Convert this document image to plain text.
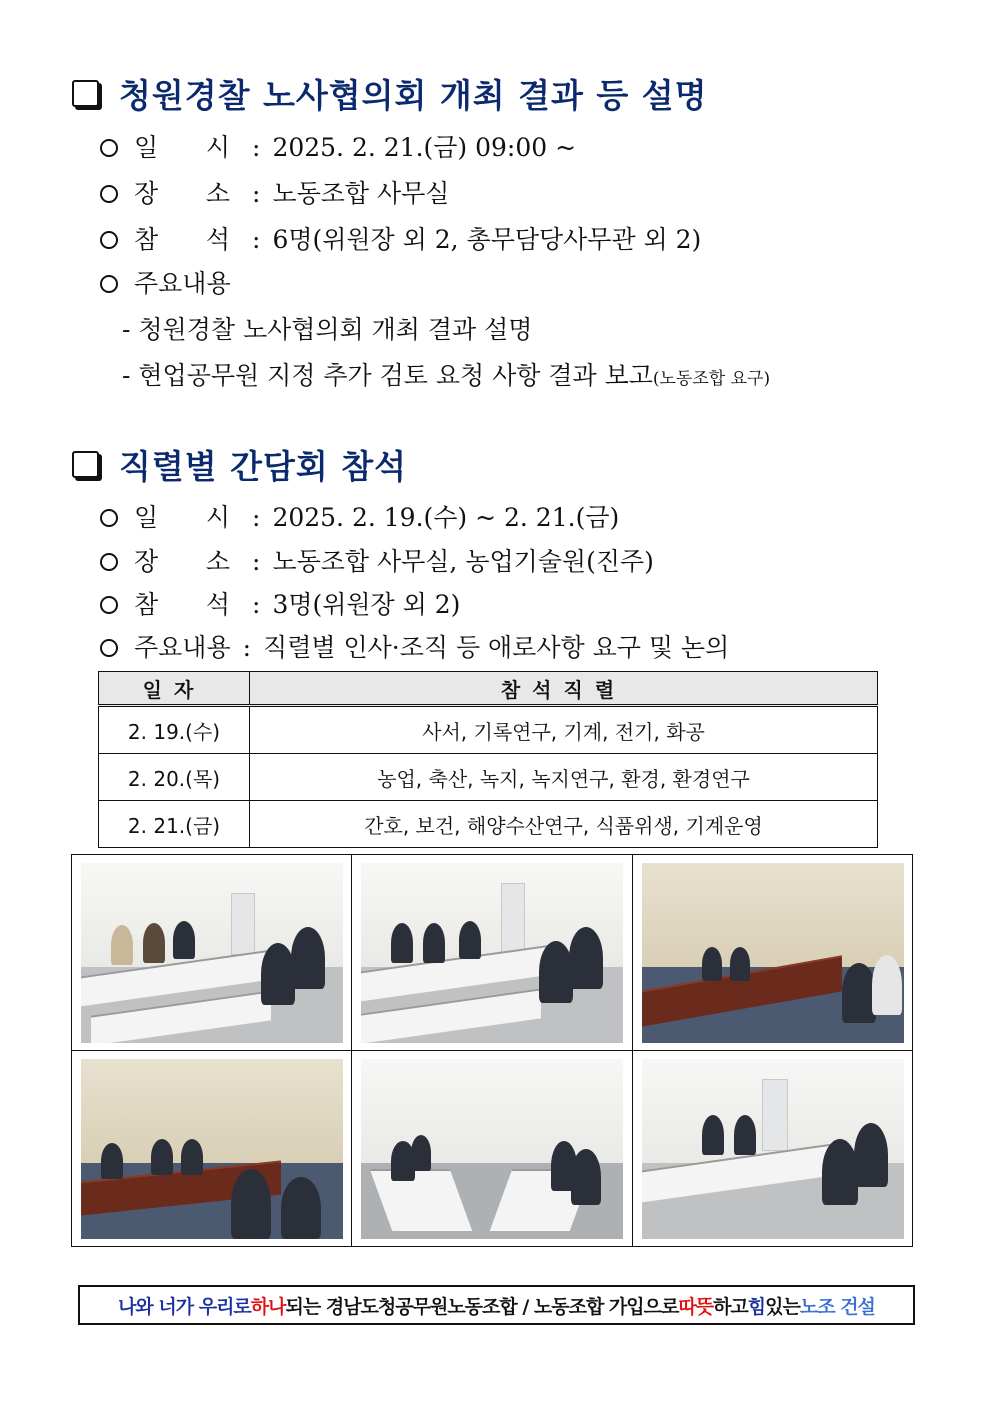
청원경찰 노사협의회 개최 결과 등 설명
일 시 : 2025. 2. 21.(금) 09:00 ~
장 소 : 노동조합 사무실
참 석 : 6명(위원장 외 2, 총무담당사무관 외 2)
주요내용
- 청원경찰 노사협의회 개최 결과 설명
- 현업공무원 지정 추가 검토 요청 사항 결과 보고(노동조합 요구)
직렬별 간담회 참석
일 시 : 2025. 2. 19.(수) ~ 2. 21.(금)
장 소 : 노동조합 사무실, 농업기술원(진주)
참 석 : 3명(위원장 외 2)
주요내용 : 직렬별 인사·조직 등 애로사항 요구 및 논의
일자	참석직렬
2. 19.(수)	사서, 기록연구, 기계, 전기, 화공
2. 20.(목)	농업, 축산, 녹지, 녹지연구, 환경, 환경연구
2. 21.(금)	간호, 보건, 해양수산연구, 식품위생, 기계운영
나와 너가 우리로 하나 되는 경남도청공무원노동조합 / 노동조합 가입으로 따뜻 하고 힘 있는 노조 건설
